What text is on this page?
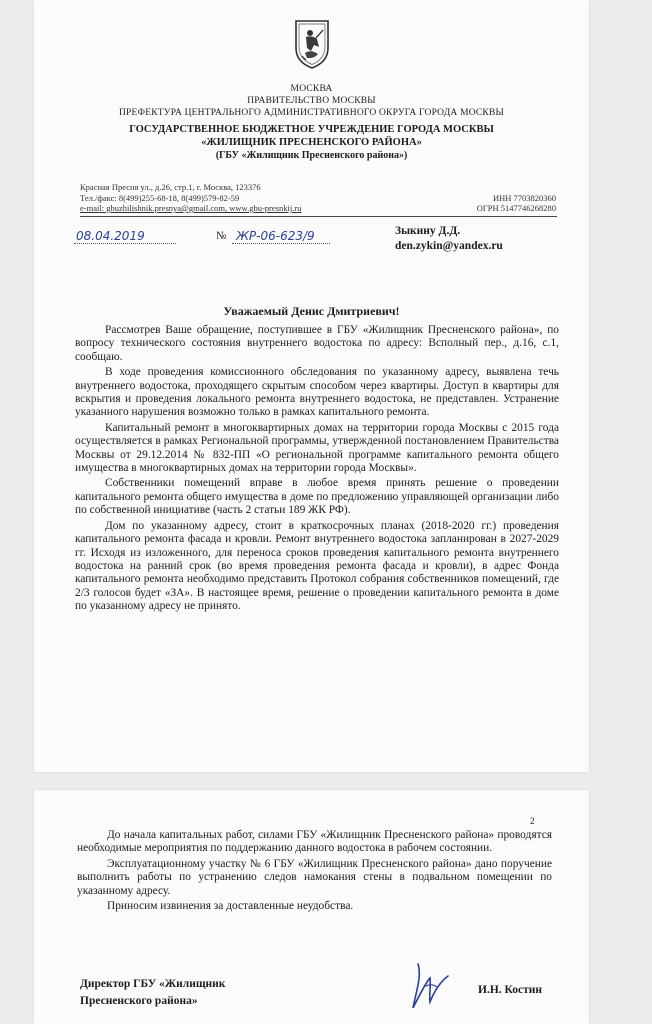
МОСКВА
ПРАВИТЕЛЬСТВО МОСКВЫ
ПРЕФЕКТУРА ЦЕНТРАЛЬНОГО АДМИНИСТРАТИВНОГО ОКРУГА ГОРОДА МОСКВЫ
ГОСУДАРСТВЕННОЕ БЮДЖЕТНОЕ УЧРЕЖДЕНИЕ ГОРОДА МОСКВЫ
«ЖИЛИЩНИК ПРЕСНЕНСКОГО РАЙОНА»
(ГБУ «Жилищник Пресненского района»)
Красная Пресня ул., д.26, стр.1, г. Москва, 123376
Тел./факс: 8(499)255-68-18, 8(499)579-82-59
e-mail: gbuzhilishnik.presnya@gmail.com, www.gbu-presnkij.ru
ИНН 7703820360
ОГРН 5147746268280
08.04.2019	№ ЖР-06-623/9	Зыкину Д.Д.
den.zykin@yandex.ru
Уважаемый Денис Дмитриевич!

Рассмотрев Ваше обращение, поступившее в ГБУ «Жилищник Пресненского района», по вопросу технического состояния внутреннего водостока по адресу: Всполный пер., д.16, с.1, сообщаю.

В ходе проведения комиссионного обследования по указанному адресу, выявлена течь внутреннего водостока, проходящего скрытым способом через квартиры. Доступ в квартиры для вскрытия и проведения локального ремонта внутреннего водостока, не представлен. Устранение указанного нарушения возможно только в рамках капитального ремонта.

Капитальный ремонт в многоквартирных домах на территории города Москвы с 2015 года осуществляется в рамках Региональной программы, утвержденной постановлением Правительства Москвы от 29.12.2014 № 832-ПП «О региональной программе капитального ремонта общего имущества в многоквартирных домах на территории города Москвы».

Собственники помещений вправе в любое время принять решение о проведении капитального ремонта общего имущества в доме по предложению управляющей организации либо по собственной инициативе (часть 2 статьи 189 ЖК РФ).

Дом по указанному адресу, стоит в краткосрочных планах (2018-2020 гг.) проведения капитального ремонта фасада и кровли. Ремонт внутреннего водостока запланирован в 2027-2029 гг. Исходя из изложенного, для переноса сроков проведения капитального ремонта внутреннего водостока на ранний срок (во время проведения ремонта фасада и кровли), в адрес Фонда капитального ремонта необходимо представить Протокол собрания собственников помещений, где 2/3 голосов будет «ЗА». В настоящее время, решение о проведении капитального ремонта в доме по указанному адресу не принято.

2

До начала капитальных работ, силами ГБУ «Жилищник Пресненского района» проводятся необходимые мероприятия по поддержанию данного водостока в рабочем состоянии.

Эксплуатационному участку № 6 ГБУ «Жилищник Пресненского района» дано поручение выполнить работы по устранению следов намокания стены в подвальном помещении по указанному адресу.

Приносим извинения за доставленные неудобства.

Директор ГБУ «Жилищник
Пресненского района»
И.Н. Костин
